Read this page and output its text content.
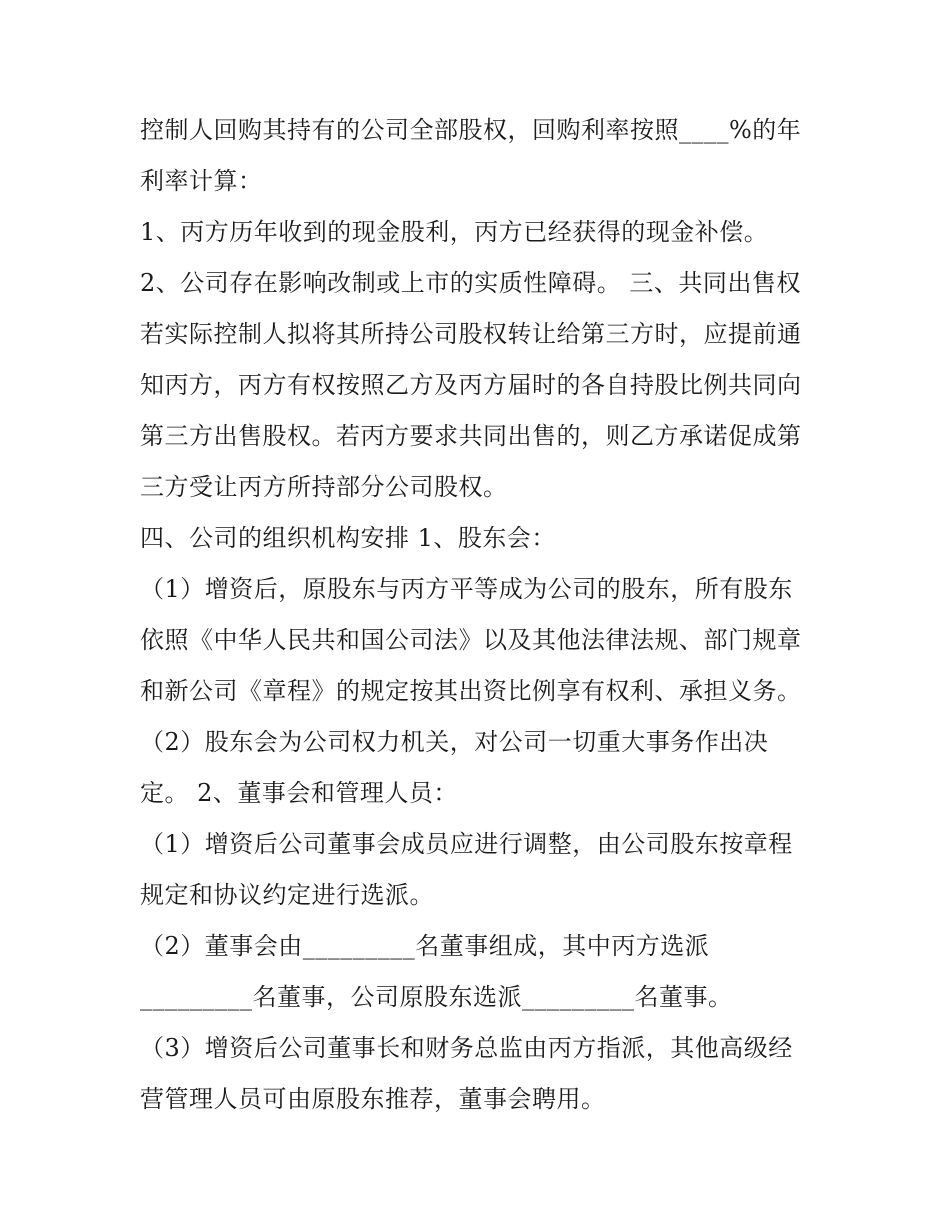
控制人回购其持有的公司全部股权，回购利率按照____%的年
利率计算：
1、丙方历年收到的现金股利，丙方已经获得的现金补偿。
2、公司存在影响改制或上市的实质性障碍。 三、共同出售权
若实际控制人拟将其所持公司股权转让给第三方时，应提前通
知丙方，丙方有权按照乙方及丙方届时的各自持股比例共同向
第三方出售股权。若丙方要求共同出售的，则乙方承诺促成第
三方受让丙方所持部分公司股权。
四、公司的组织机构安排 1、股东会：
（1）增资后，原股东与丙方平等成为公司的股东，所有股东
依照《中华人民共和国公司法》以及其他法律法规、部门规章
和新公司《章程》的规定按其出资比例享有权利、承担义务。
（2）股东会为公司权力机关，对公司一切重大事务作出决
定。 2、董事会和管理人员：
（1）增资后公司董事会成员应进行调整，由公司股东按章程
规定和协议约定进行选派。
（2）董事会由_________名董事组成，其中丙方选派
_________名董事，公司原股东选派_________名董事。
（3）增资后公司董事长和财务总监由丙方指派，其他高级经
营管理人员可由原股东推荐，董事会聘用。
